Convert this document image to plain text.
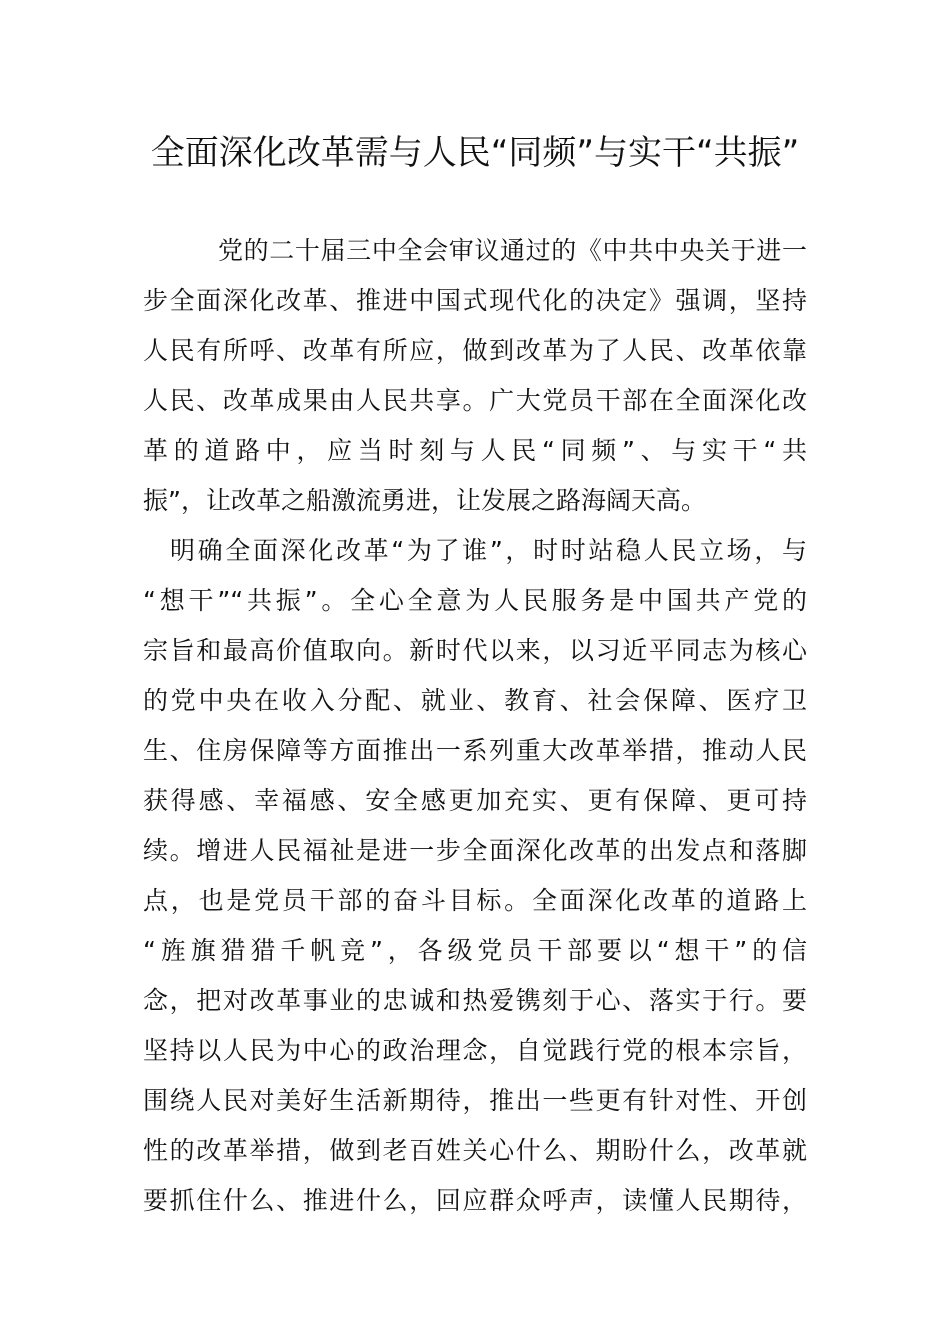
全面深化改革需与人民“同频”与实干“共振”
党的二十届三中全会审议通过的《中共中央关于进一
步全面深化改革、推进中国式现代化的决定》强调，坚持
人民有所呼、改革有所应，做到改革为了人民、改革依靠
人民、改革成果由人民共享。广大党员干部在全面深化改
革的道路中，应当时刻与人民“同频”、与实干“共
振”，让改革之船激流勇进，让发展之路海阔天高。
明确全面深化改革“为了谁”，时时站稳人民立场，与
“想干”“共振”。全心全意为人民服务是中国共产党的
宗旨和最高价值取向。新时代以来，以习近平同志为核心
的党中央在收入分配、就业、教育、社会保障、医疗卫
生、住房保障等方面推出一系列重大改革举措，推动人民
获得感、幸福感、安全感更加充实、更有保障、更可持
续。增进人民福祉是进一步全面深化改革的出发点和落脚
点，也是党员干部的奋斗目标。全面深化改革的道路上
“旌旗猎猎千帆竞”，各级党员干部要以“想干”的信
念，把对改革事业的忠诚和热爱镌刻于心、落实于行。要
坚持以人民为中心的政治理念，自觉践行党的根本宗旨，
围绕人民对美好生活新期待，推出一些更有针对性、开创
性的改革举措，做到老百姓关心什么、期盼什么，改革就
要抓住什么、推进什么，回应群众呼声，读懂人民期待，
